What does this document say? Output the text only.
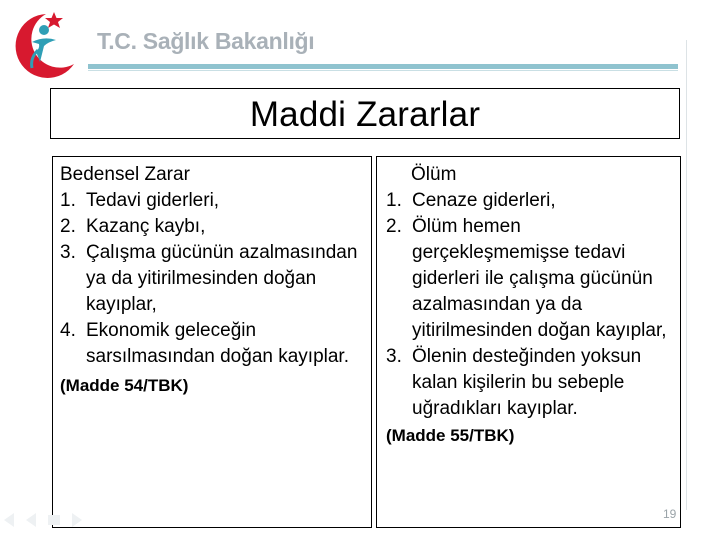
T.C. Sağlık Bakanlığı
Maddi Zararlar
Bedensel Zarar
1. Tedavi giderleri,
2. Kazanç kaybı,
3. Çalışma gücünün azalmasından ya da yitirilmesinden doğan kayıplar,
4. Ekonomik geleceğin sarsılmasından doğan kayıplar.
(Madde 54/TBK)
Ölüm
1. Cenaze giderleri,
2. Ölüm hemen gerçekleşmemişse tedavi giderleri ile çalışma gücünün azalmasından ya da yitirilmesinden doğan kayıplar,
3. Ölenin desteğinden yoksun kalan kişilerin bu sebeple uğradıkları kayıplar.
(Madde 55/TBK)
19
